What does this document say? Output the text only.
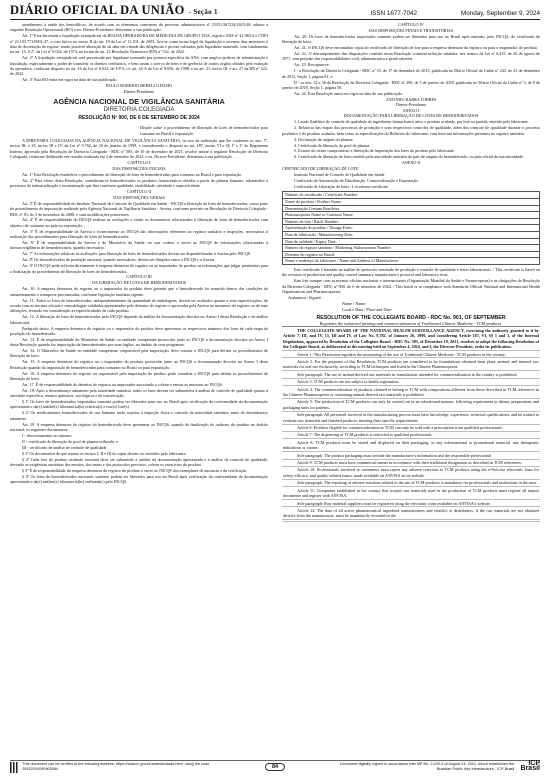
DIÁRIO OFICIAL DA UNIÃO - Seção 1	ISSN 1677-7042	Monday, September 9, 2024

atendimento à saúde dos hemofílicos, de acordo com os elementos constantes do processo administrativo nº 25351.567234/2023-28, adotou a seguinte Resolução Operacional (RO) e eu, Diretor-Presidente, determino a sua publicação:

Art. 1º Fica decretada a liquidação extrajudicial da HOLDA OPERADORA DE MEDICINA DE GRUPO LTDA, registro ANS nº 41.983-4 e CNPJ nº 22.103.771/0001-47, e com fulcro no inciso II do art. 19 da Lei nº 11.101, de 2005, fica-se como termo legal da liquidação o noventa dias anteriores à data de decretação do regime, sendo possível alteração de tal data em virtude das diligências e provas coletadas pelo liquidante nomeado, com fundamento no art. 15, § 2º, da Lei nº 6.024, de 1974, na forma do art. 22 Resolução Normativa (RN) nº 522, de 2022.

Art. 2º A liquidação extrajudicial será processada por liquidante nomeado por portaria específica da ANS, com amplos poderes de administração e liquidação, especialmente o poder de transferir os direitos creditórios, e bem assim o acervo de bens e de gerência de outros órgãos obtidos pela extinção da operadora, conforme disposto no art. 16 da Lei nº 6.024, de 1974, c/c art. 24-A da Lei nº 9.656, de 1998, e no art. 21, inciso III, e art. 27 da RN nº 522, de 2022.

Art. 3º Esta RO entra em vigor na data de sua publicação.

PAULO ROBERTO REBELLO FILHO
Diretor-Presidente
AGÊNCIA NACIONAL DE VIGILÂNCIA SANITÁRIA
DIRETORIA COLEGIADA
RESOLUÇÃO Nº 900, DE 6 DE SETEMBRO DE 2024

Dispõe sobre o procedimento de liberação de lotes de hemoderivados para consumo no Brasil e exportação.

A DIRETORIA COLEGIADA DA AGÊNCIA NACIONAL DE VIGILÂNCIA SANITÁRIA, no uso da atribuição que lhe conferem os arts. 7º, inciso III, e 15, inciso III e IV, da Lei nº 9.782, de 26 de janeiro de 1999, e considerando o disposto no art. 187, inciso VI e §§ 1º e 3º do Regimento Interno, aprovado pela Resolução de Diretoria Colegiada - RDC nº 585, de 10 de dezembro de 2021, resolve adotar a seguinte Resolução de Diretoria Colegiada, conforme deliberado em reunião realizada em 4 de setembro de 2024, e eu, Diretor-Presidente, determino a sua publicação.

CAPÍTULO I

DAS DISPOSIÇÕES INICIAIS

Art. 1º Esta Resolução estabelece o procedimento de liberação de lotes de hemoderivados para consumo no Brasil e para exportação.

Art. 2º Para efeito desta Resolução, consideram-se hemoderivados os produtos farmacêuticos obtidos a partir do plasma humano, submetidos a processos de industrialização e normatização que lhes conferem qualidade, estabilidade, atividade e especificidade.

CAPÍTULO II

DAS DISPOSIÇÕES GERAIS

Art. 3º É de responsabilidade do Instituto Nacional de Controle de Qualidade em Saúde - INCQS a liberação de lotes de hemoderivados, como parte do procedimento de importação realizado pela Agência Nacional de Vigilância Sanitária - Anvisa, conforme previsto na Resolução de Diretoria Colegiada - RDC nº 81, de 5 de novembro de 2008, e suas modificações posteriores.

Art. 4º É de responsabilidade do INCQS realizar as avaliações e emitir os documentos relacionados à liberação de lotes de hemoderivados com objetivo de consumo no país ou exportação.

Art. 5º É de responsabilidade da Anvisa o fornecimento ao INCQS das informações referentes ao registro sanitário e inspeções, necessárias à realização dos procedimentos para liberação de lotes de hemoderivados.

Art. 6º É de responsabilidade da Anvisa e do Ministério da Saúde, no que couber, o envio ao INCQS de informações relacionadas à farmacovigilância de hemoderivados, quando necessário.

Art. 7º As informações relativas às avaliações para liberação de lotes de hemoderivados devem ser disponibilizadas à Anvisa pelo INCQS.

Art. 8º Os hemoderivados de produção nacional, quando necessários, devem ser dirigidos entre o INCQS e a Anvisa.

Art. 9º O INCQS pode solicitar diretamente à empresa detentora do registro ou ao importador do produto as informações que julgar pertinentes para a finalização do procedimento de liberação de lotes de hemoderivados.

CAPÍTULO III

DA LIBERAÇÃO DE LOTES DE HEMODERIVADOS

Art. 10. A empresa detentora do registro ou o importador do produto deve garantir que o hemoderivado foi mantido dentro das condições de armazenamento e transporte preconizadas, conforme legislação sanitária vigente.

Art. 11. Todos os lotes de hemoderivados, independentemente da quantidade de embalagens, devem ser avaliados quanto a seus especificações, de acordo com as normas oficiais e metodologias validadas apresentadas pelo detentor do registro e aprovadas pela Anvisa no momento do registro ou de suas alterações, levando em consideração as especificidades de cada produto.

Art. 12. A liberação de lotes de hemoderivados pelo INCQS depende da análise da documentação descrita no Anexo I desta Resolução e de análise laboratorial.

Parágrafo único. A empresa detentora do registro ou o importador do produto deve apresentar os respectivos números dos lotes de cada etapa de produção do hemoderivado.

Art. 13. É de responsabilidade do Ministério da Saúde ou entidade competente protocolar junto ao INCQS a documentação descrita no Anexo I desta Resolução quando for importação de hemoderivados por seus órgãos, no âmbito de seus programas.

Art. 14. O Ministério da Saúde ou entidade competente, responsável pela importação, deve constar o INCQS para definir os procedimentos de liberação de lotes.

Art. 15. A empresa detentora do registro ou o importador do produto protocolar junto ao INCQS a documentação descrita no Anexo I desta Resolução quando da importação de hemoderivados para consumo no Brasil ou para exportação.

Art. 16. A empresa detentora do registro ou responsável pela importação do produto pode consultar o INCQS para definir os procedimentos de liberação de lotes.

Art. 17. É de responsabilidade do detentor do registro ou importador autorizado a coletar e enviar as amostras ao INCQS.

Art. 18. Após o desembaraço aduaneiro pela autoridade sanitária, todos os lotes devem ser submetidos à análise de controle de qualidade quanto à atividade específica, ensaios químicos, sorológicos e de conservação.

§ 1º Os lotes de hemoderivados importados somente podem ser liberados para uso no Brasil após verificação da conformidade da documentação apresentada e da(s) análise(s) laboratorial(is) relativa(s) a esse(s) lote(s).

§ 2º Os medicamentos hemoderivados de uso humano estão sujeitos à inspeção física e controle da autoridade sanitária, antes do desembaraço aduaneiro.

Art. 19. A empresa detentora do registro do hemoderivado deve apresentar ao INCQS, quando da finalização do cadastro do produto no âmbito nacional, os seguintes documentos:

I - direcionamento ao insumo;

II - certificado de liberação do pool de plasma utilizado; e

III - certificado de análise de controle de qualidade.

§ 1º Os documentos de que tratam os incisos I, II e III do caput devem ser emitidos pelo fabricante.

§ 2º Cada lote do produto avaliado nacional deve ser submetido à análise da documentação apresentada e à análise de controle de qualidade, devendo as exigências sanitárias dos ensaios, dos testes e dos protocolos previstos, coletar os exercícios do produto.

§ 3º É de responsabilidade da empresa detentora do registro do produto o envio ao INCQS dos exemplares de amostras e da verificação.

§ 4º Os lotes de hemoderivados nacionais somente podem ser liberados para uso no Brasil após verificação da conformidade da documentação apresentada e da(s) análise(s) laboratorial(is) realizada(s) pelo INCQS.

CAPÍTULO IV

DAS DISPOSIÇÕES FINAIS E TRANSITÓRIAS

Art. 20. Os lotes de hemoderivados importados somente podem ser liberados para uso no Brasil após emissão, pelo INCQS, do certificado de liberação de lotes.

Art. 21. O INCQS deve encaminhar cópia do certificado de liberação de lote para a empresa detentora do registro ou para o importador do produto.

Art. 22. O descumprimento das disposições contidas nesta Resolução constitui infração sanitária, nos termos da Lei nº 6.437, de 20 de agosto de 1977, sem prejuízo das responsabilidades civil, administrativa e penal cabíveis.

Art. 23. Revogam-se:

I - a Resolução da Diretoria Colegiada - RDC nº 55, de 17 de dezembro de 2015, publicada no Diário Oficial da União nº 243, de 21 de dezembro de 2015, Seção 1, página 81; e

II - os arts. 32 a 36 da Resolução da Diretoria Colegiada - RDC nº 208, de 5 de janeiro de 2018, publicada no Diário Oficial da União nº 5, de 8 de janeiro de 2018, Seção 1, página 50.

Art. 24. Esta Resolução entra em vigor na data de sua publicação.

ANTONIO BARRA TORRES
Diretor-Presidente

ANEXO I

DOCUMENTAÇÃO PARA LIBERAÇÃO DE LOTES DE HEMODERIVADOS

1. Laudo Analítico de controle de qualidade do ingrediente farmacêutico ativo e produto acabado, por lote ou partida, emitido pelo fabricante.

2. Relatório das etapas dos processos de produção e seus respectivos controles de qualidade, além dos controle de qualidade durante o processo produtivo e do produto acabado, bem como as especificações do Relatório do fabricante, com base nas informações presentes no registro sanitário.

3. Declaração de origem do plasma.

4. Certificado de liberação do pool de plasma.

5. Extrato do termo compromisso e liberação de importação dos lotes do produto pelo fabricante.

6. Certificado de liberação de lotes emitido pela autoridade sanitária do país de origem do hemoderivado, ou país oficial da sua autoridade.

ANEXO II

CERTIFICADO DE LIBERAÇÃO DE LOTE

Instituto Nacional de Controle de Qualidade em Saúde

Certificado de Autorização de Distribuição, Comercialização e Exportação.

Certificado de Liberação de lotes / Lot release certificate

Número do certificado / Certificate Number:
Nome do produto / Product Name:
Denominação Comum Brasileira:
Pharmacopoeia Name or Common Name:
Número do lote / Batch Number:
Apresentação do produto / Dosage Form:
Data de fabricação / Manufacturing Date:
Data de validade / Expiry Date:
Número do registro sanitário / Marketing Authorization Number:
Detentor do registro no Brasil:
Nome e endereço do fabricante / Name and Address of Manufacturer:

Este certificado é baseado na análise do protocolo resumido de produção e controle de qualidade e testes laboratoriais. / This certificate is based on the revision of production and quality control summary manufacturer's protocol and laboratory tests.

Este lote cumpre com as normas oficiais nacionais e internacionais (Organização Mundial da Saúde e Farmacopeias) e as obrigações da Resolução da Diretoria Colegiada - RDC nº 900, de 6 de setembro de 2024. / This batch is in compliance with Standards Official National and International Health Organizations and Pharmacopoeias.

Assinatura / Signed:

Nome / Name:

Local e Data / Place and Date:

RESOLUTION OF THE COLLEGIATE BOARD - RDC No. 901, OF SEPTEMBER
Regulates the industrial farming and commercialization of Traditional Chinese Medicine - TCM products.
THE COLLEGIATE BOARD OF THE NATIONAL HEALTH SURVEILLANCE AGENCY, exercising the authority granted to it by Article 7, III, and IV, 15, III and IV, of Law No. 9,782, of January 26, 1999, and considering Article 187, VI, §§ 1 and 3, of the Internal Regulations, approved by Resolution of the Collegiate Board - RDC No. 585, of December 10, 2021, resolves to adopt the following Resolution of the Collegiate Board, as deliberated at the meeting held on September 4, 2024, and I, the Director-President, order its publication.
Article 1: This Resolution regulates the monitoring of the use of Traditional Chinese Medicine - TCM products in the country.
Article 2: For the purposes of this Resolution, TCM products are considered to be formulations obtained from plant, animal, and mineral raw materials for oral use exclusively, according to TCM techniques and listed in the Chinese Pharmacopoeia.
Sole paragraph: The use of animal-derived raw materials in formulations intended for commercialization in the country is prohibited.
Article 3: TCM products are not subject to health registration.
Article 4: The commercialization of products claimed to belong to TCM with compositions different from those described in TCM references in the Chinese Pharmacopoeia or containing animal-derived raw materials is prohibited.
Article 5: The production of TCM products can only be carried out in an educational manner, following requirement in dietary preparations and packaging units for patients.
Sole paragraph: All personnel involved in the manufacturing process must have knowledge, experience, technical qualifications, and be trained to evaluate raw materials and finished products, meeting their specific requirements.
Article 6: Products eligible for commercialization as TCM can only be sold with a prescription from qualified professionals.
Article 7: The dispensing of TCM products is restricted to qualified professionals.
Article 8: TCM products must be stored and displayed on their packaging, or any informational or promotional material, any therapeutic indications or claims.
Sole paragraph: The product packaging must include the manufacturer's information and the responsible professional.
Article 9: TCM products must have commercial names in accordance with their traditional designation as described in TCM references.
Article 10: Professionals involved or consumers must report any adverse reactions to TCM products using the e-Notivisa electronic form for safety, efficacy, and quality-related issues, made available on ANVISA on its website.
Sole paragraph: The reporting of adverse reactions related to the use of TCM products is mandatory for professionals and institutions in the area.
Article 11: Companies established in the country that acquire raw materials used in the production of TCM products must register all import documents and register with ANVISA.
Sole paragraph: Raw material suppliers must be registered using the electronic form available on ANVISA's website.
Article 12: The data of all active pharmaceutical ingredient manufacturers and retailers or distributors, if the raw materials are not obtained directly from the manufacturer, must be mandatorily recorded in the
This document can be verified at the following address: https://www.in.gov.br/autenticidade.html, using the code 05152024090900084	84	Document digitally signed in accordance with MP No. 2.200-2 of August 24, 2001, which establishes the Brazilian Public Key Infrastructure - ICP-Brasil
ICP Brasil
